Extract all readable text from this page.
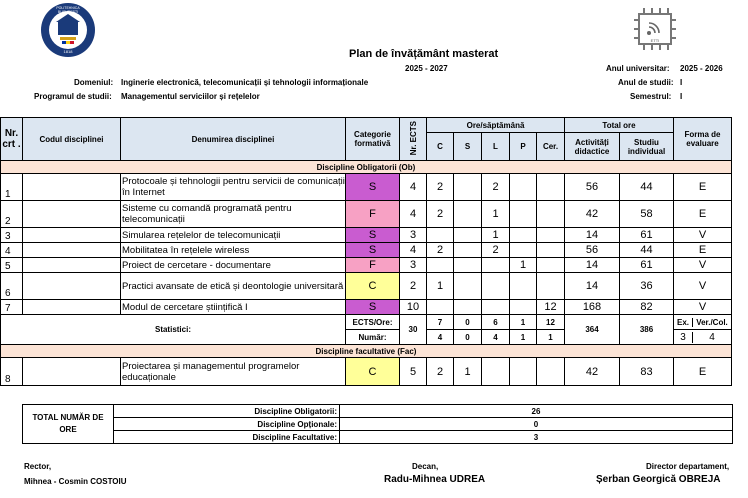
POLITEHNICA BUCUREȘTI
1818
ETTI
Plan de învățământ masterat
2025 - 2027	Anul universitar: 2025 - 2026
Domeniul: Inginerie electronică, telecomunicații și tehnologii informaționale	Anul de studii: I
Programul de studii: Managementul serviciilor și rețelelor	Semestrul: I
Nr. crt .	Codul disciplinei	Denumirea disciplinei	Categorie formativă	Nr. ECTS	Ore/săptămână					Total ore		Forma de evaluare
					C	S	L	P	Cer.	Activități didactice	Studiu individual	
Discipline Obligatorii (Ob)												
1		Protocoale și tehnologii pentru servicii de comunicații în Internet	S	4	2		2			56	44	E
2		Sisteme cu comandă programată pentru telecomunicații	F	4	2		1			42	58	E
3		Simularea rețelelor de telecomunicații	S	3			1			14	61	V
4		Mobilitatea în rețelele wireless	S	4	2		2			56	44	E
5		Proiect de cercetare - documentare	F	3				1		14	61	V
6		Practici avansate de etică și deontologie universitară	C	2	1					14	36	V
7		Modul de cercetare științifică I	S	10					12	168	82	V
Statistici:			ECTS/Ore:	30	7	0	6	1	12	364	386	Ex. Ver./Col.

			Număr:		4	0	4	1	1			3 4

Discipline facultative (Fac)												
8		Proiectarea și managementul programelor educaționale	C	5	2	1				42	83	E
TOTAL NUMĂR DE ORE	Discipline Obligatorii:	26
	Discipline Opționale:	0
	Discipline Facultative:	3
Rector,
Mihnea - Cosmin COSTOIU
Decan,
Radu-Mihnea UDREA
Director departament,
Șerban Georgică OBREJA
